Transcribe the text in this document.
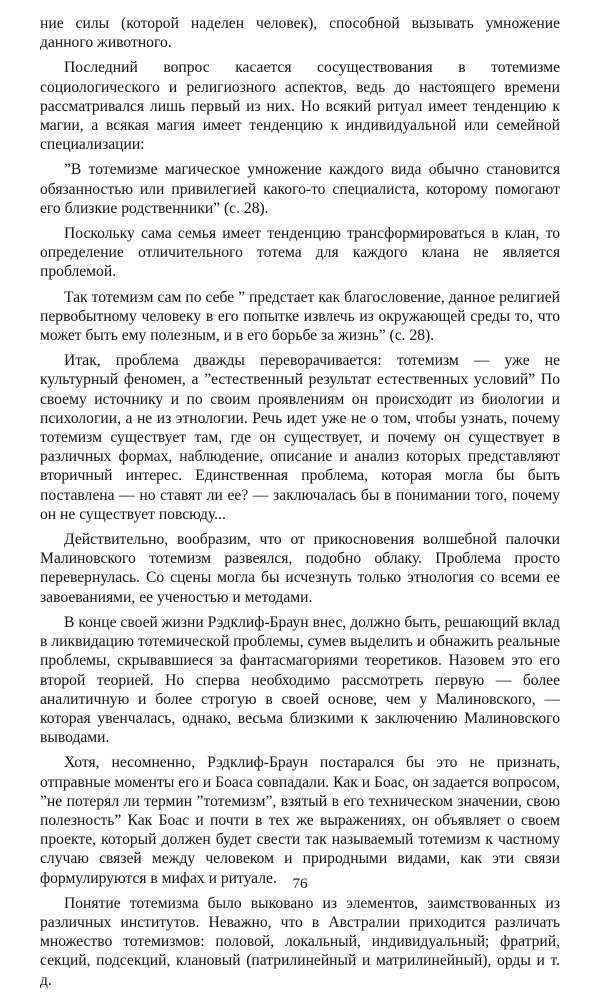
ние силы (которой наделен человек), способной вызывать умножение данного животного.

Последний вопрос касается сосуществования в тотемизме социологического и религиозного аспектов, ведь до настоящего времени рассматривался лишь первый из них. Но всякий ритуал имеет тенденцию к магии, а всякая магия имеет тенденцию к индивидуальной или семейной специализации:

”В тотемизме магическое умножение каждого вида обычно становится обязанностью или привилегией какого-то специалиста, которому помогают его близкие родственники” (с. 28).

Поскольку сама семья имеет тенденцию трансформироваться в клан, то определение отличительного тотема для каждого клана не является проблемой.

Так тотемизм сам по себе ” предстает как благословение, данное религией первобытному человеку в его попытке извлечь из окружающей среды то, что может быть ему полезным, и в его борьбе за жизнь” (с. 28).

Итак, проблема дважды переворачивается: тотемизм — уже не культурный феномен, а ”естественный результат естественных условий” По своему источнику и по своим проявлениям он происходит из биологии и психологии, а не из этнологии. Речь идет уже не о том, чтобы узнать, почему тотемизм существует там, где он существует, и почему он существует в различных формах, наблюдение, описание и анализ которых представляют вторичный интерес. Единственная проблема, которая могла бы быть поставлена — но ставят ли ее? — заключалась бы в понимании того, почему он не существует повсюду...

Действительно, вообразим, что от прикосновения волшебной палочки Малиновского тотемизм развеялся, подобно облаку. Проблема просто перевернулась. Со сцены могла бы исчезнуть только этнология со всеми ее завоеваниями, ее ученостью и методами.

В конце своей жизни Рэдклиф-Браун внес, должно быть, решающий вклад в ликвидацию тотемической проблемы, сумев выделить и обнажить реальные проблемы, скрывавшиеся за фантасмагориями теоретиков. Назовем это его второй теорией. Но сперва необходимо рассмотреть первую — более аналитичную и более строгую в своей основе, чем у Малиновского, — которая увенчалась, однако, весьма близкими к заключению Малиновского выводами.

Хотя, несомненно, Рэдклиф-Браун постарался бы это не признать, отправные моменты его и Боаса совпадали. Как и Боас, он задается вопросом, ”не потерял ли термин ”тотемизм”, взятый в его техническом значении, свою полезность” Как Боас и почти в тех же выражениях, он объявляет о своем проекте, который должен будет свести так называемый тотемизм к частному случаю связей между человеком и природными видами, как эти связи формулируются в мифах и ритуале.

Понятие тотемизма было выковано из элементов, заимствованных из различных институтов. Неважно, что в Австралии приходится различать множество тотемизмов: половой, локальный, индивидуальный; фратрий, секций, подсекций, клановый (патрилинейный и матрилинейный), орды и т. д.

76
